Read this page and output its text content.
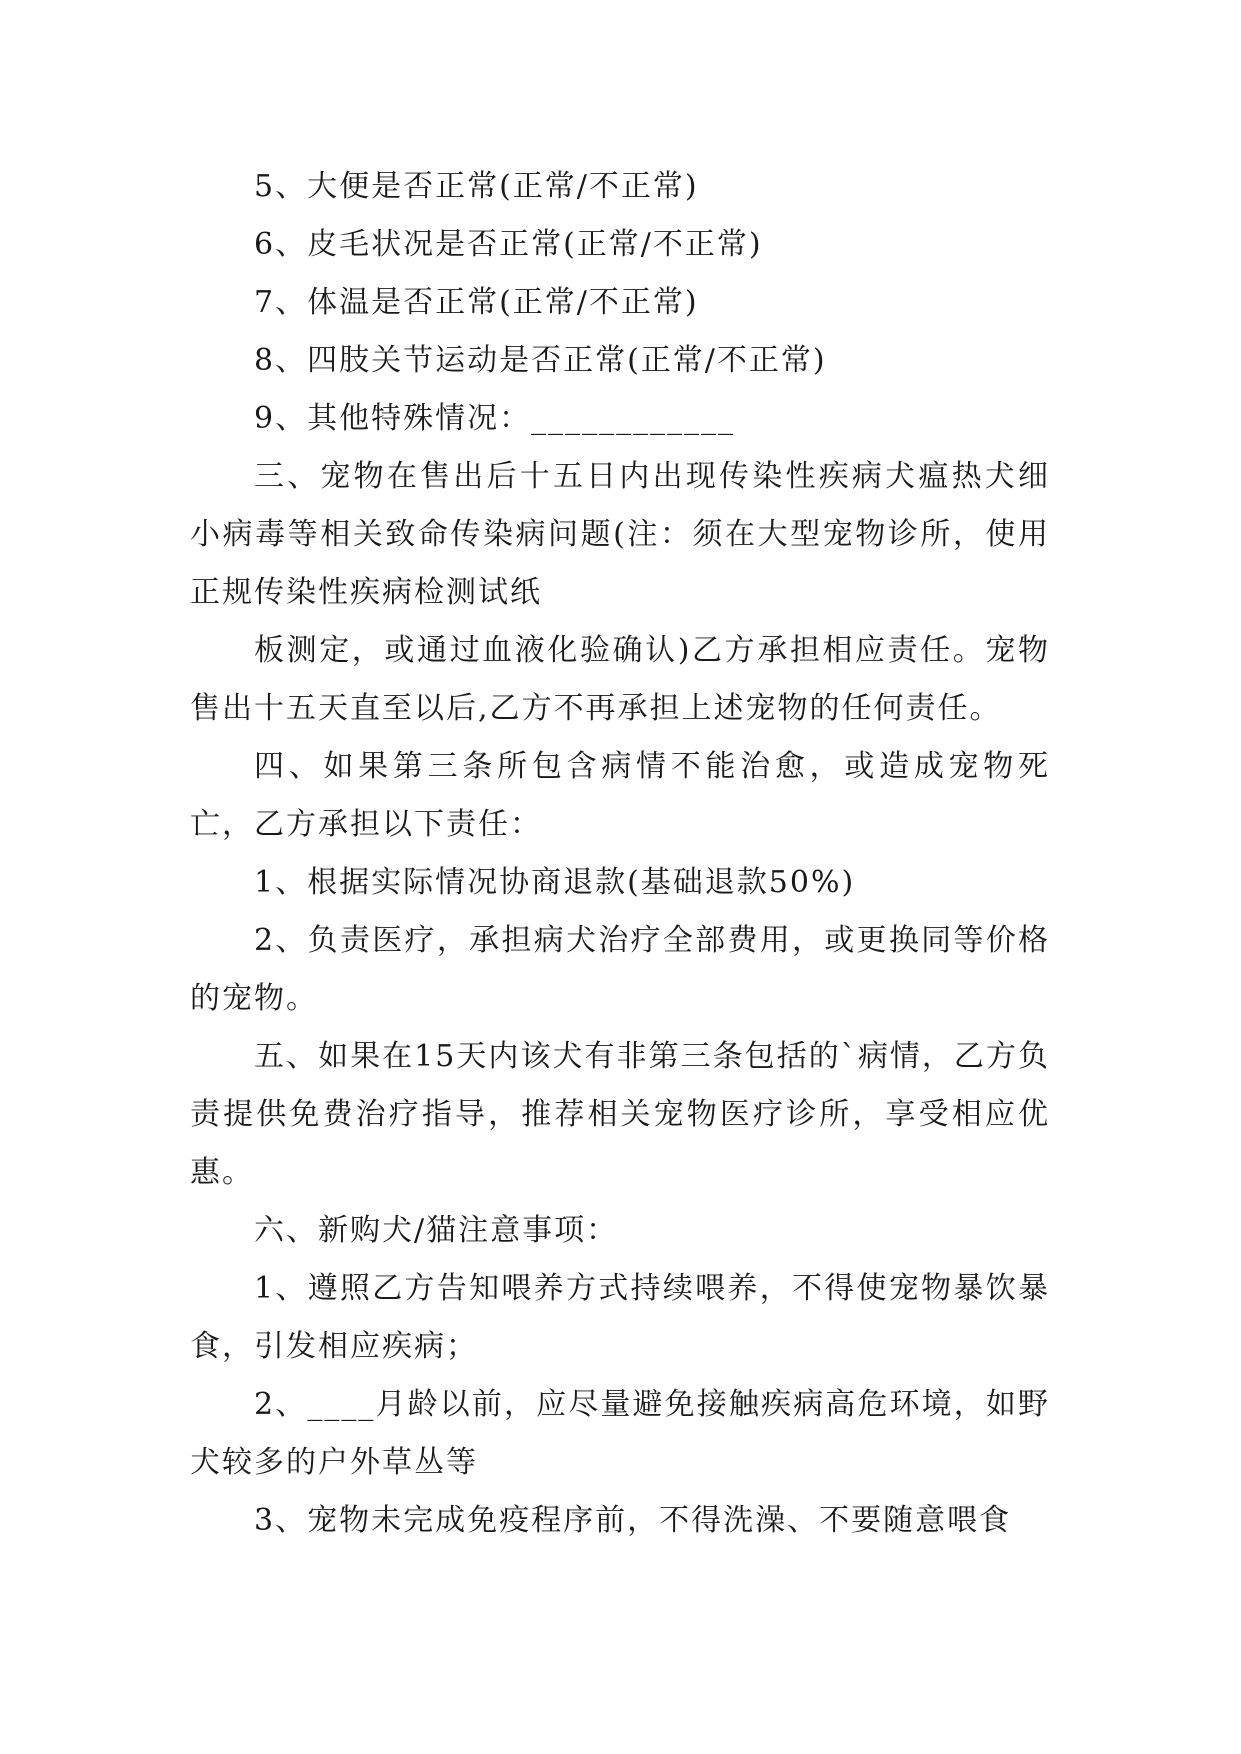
5、大便是否正常(正常/不正常)

6、皮毛状况是否正常(正常/不正常)

7、体温是否正常(正常/不正常)

8、四肢关节运动是否正常(正常/不正常)

9、其他特殊情况：____________

三、宠物在售出后十五日内出现传染性疾病犬瘟热犬细小病毒等相关致命传染病问题(注：须在大型宠物诊所，使用正规传染性疾病检测试纸

板测定，或通过血液化验确认)乙方承担相应责任。宠物售出十五天直至以后,乙方不再承担上述宠物的任何责任。

四、如果第三条所包含病情不能治愈，或造成宠物死亡，乙方承担以下责任：

1、根据实际情况协商退款(基础退款50%)

2、负责医疗，承担病犬治疗全部费用，或更换同等价格的宠物。

五、如果在15天内该犬有非第三条包括的`病情，乙方负责提供免费治疗指导，推荐相关宠物医疗诊所，享受相应优惠。

六、新购犬/猫注意事项：

1、遵照乙方告知喂养方式持续喂养，不得使宠物暴饮暴食，引发相应疾病；

2、____月龄以前，应尽量避免接触疾病高危环境，如野犬较多的户外草丛等

3、宠物未完成免疫程序前，不得洗澡、不要随意喂食
